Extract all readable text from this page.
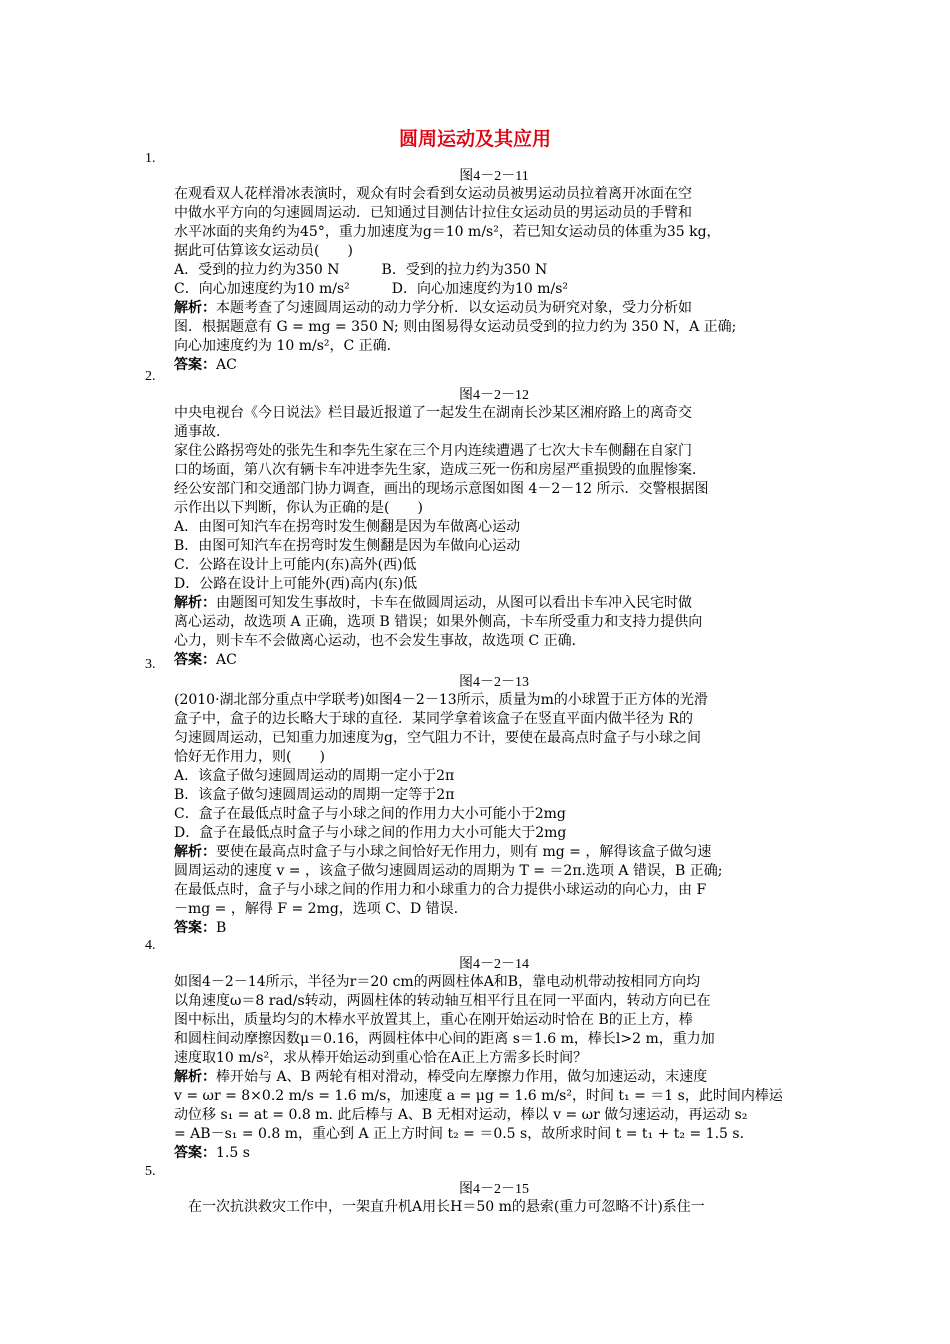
圆周运动及其应用
1.
图4－2－11
在观看双人花样滑冰表演时，观众有时会看到女运动员被男运动员拉着离开冰面在空
中做水平方向的匀速圆周运动．已知通过目测估计拉住女运动员的男运动员的手臂和
水平冰面的夹角约为45°，重力加速度为g＝10 m/s²，若已知女运动员的体重为35 kg，
据此可估算该女运动员(　　)
A．受到的拉力约为350 N　　　B．受到的拉力约为350 N
C．向心加速度约为10 m/s²　　　D．向心加速度约为10 m/s²
解析：本题考查了匀速圆周运动的动力学分析．以女运动员为研究对象，受力分析如
图．根据题意有 G = mg = 350 N; 则由图易得女运动员受到的拉力约为 350 N，A 正确;
向心加速度约为 10 m/s²，C 正确．
答案：AC
2.
图4－2－12
中央电视台《今日说法》栏目最近报道了一起发生在湖南长沙某区湘府路上的离奇交
通事故．
家住公路拐弯处的张先生和李先生家在三个月内连续遭遇了七次大卡车侧翻在自家门
口的场面，第八次有辆卡车冲进李先生家，造成三死一伤和房屋严重损毁的血腥惨案．
经公安部门和交通部门协力调查，画出的现场示意图如图 4－2－12 所示．交警根据图
示作出以下判断，你认为正确的是(　　)
A．由图可知汽车在拐弯时发生侧翻是因为车做离心运动
B．由图可知汽车在拐弯时发生侧翻是因为车做向心运动
C．公路在设计上可能内(东)高外(西)低
D．公路在设计上可能外(西)高内(东)低
解析：由题图可知发生事故时，卡车在做圆周运动，从图可以看出卡车冲入民宅时做
离心运动，故选项 A 正确，选项 B 错误；如果外侧高，卡车所受重力和支持力提供向
心力，则卡车不会做离心运动，也不会发生事故，故选项 C 正确．
答案：AC
3.
图4－2－13
(2010·湖北部分重点中学联考)如图4－2－13所示，质量为m的小球置于正方体的光滑
盒子中，盒子的边长略大于球的直径．某同学拿着该盒子在竖直平面内做半径为 R的
匀速圆周运动，已知重力加速度为g，空气阻力不计，要使在最高点时盒子与小球之间
恰好无作用力，则(　　)
A．该盒子做匀速圆周运动的周期一定小于2π
B．该盒子做匀速圆周运动的周期一定等于2π
C．盒子在最低点时盒子与小球之间的作用力大小可能小于2mg
D．盒子在最低点时盒子与小球之间的作用力大小可能大于2mg
解析：要使在最高点时盒子与小球之间恰好无作用力，则有 mg = ，解得该盒子做匀速
圆周运动的速度 v = ，该盒子做匀速圆周运动的周期为 T = ＝2π.选项 A 错误，B 正确;
在最低点时，盒子与小球之间的作用力和小球重力的合力提供小球运动的向心力，由 F
－mg = ，解得 F = 2mg，选项 C、D 错误.
答案：B
4.
图4－2－14
如图4－2－14所示，半径为r＝20 cm的两圆柱体A和B，靠电动机带动按相同方向均
以角速度ω＝8 rad/s转动，两圆柱体的转动轴互相平行且在同一平面内，转动方向已在
图中标出，质量均匀的木棒水平放置其上，重心在刚开始运动时恰在 B的正上方，棒
和圆柱间动摩擦因数μ＝0.16，两圆柱体中心间的距离 s＝1.6 m，棒长l>2 m，重力加
速度取10 m/s²，求从棒开始运动到重心恰在A正上方需多长时间？
解析：棒开始与 A、B 两轮有相对滑动，棒受向左摩擦力作用，做匀加速运动，末速度
v = ωr = 8×0.2 m/s = 1.6 m/s，加速度 a = μg = 1.6 m/s²，时间 t₁ = ＝1 s，此时间内棒运
动位移 s₁ = at = 0.8 m. 此后棒与 A、B 无相对运动，棒以 v = ωr 做匀速运动，再运动 s₂
= AB－s₁ = 0.8 m，重心到 A 正上方时间 t₂ = ＝0.5 s，故所求时间 t = t₁ + t₂ = 1.5 s.
答案：1.5 s
5.
图4－2－15
　在一次抗洪救灾工作中，一架直升机A用长H＝50 m的悬索(重力可忽略不计)系住一
